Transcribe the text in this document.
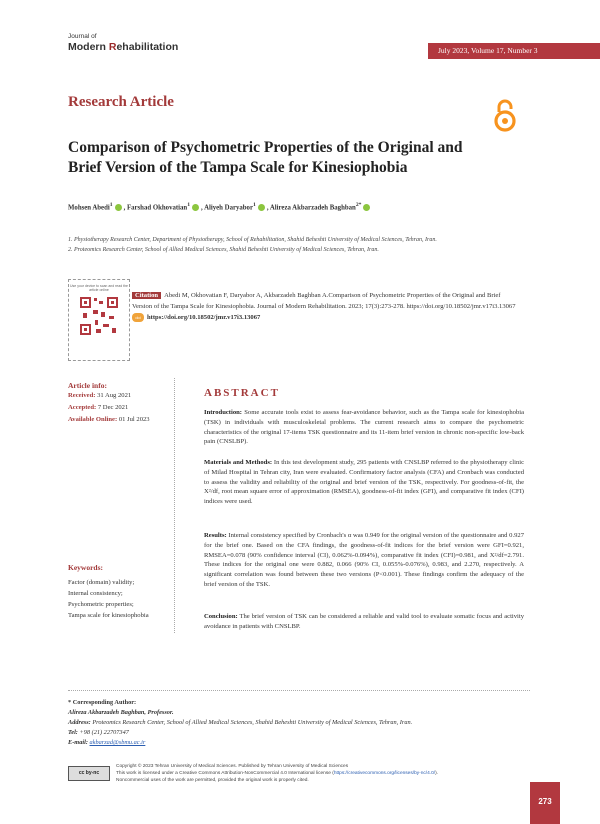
Journal of
Modern Rehabilitation	July 2023, Volume 17, Number 3
Research Article
Comparison of Psychometric Properties of the Original and Brief Version of the Tampa Scale for Kinesiophobia
Mohsen Abedi$^1$ , Farshad Okhovatian$^1$ , Aliyeh Daryabor$^1$ , Alireza Akbarzadeh Baghban$^{2*}$
1. Physiotherapy Research Center, Department of Physiotherapy, School of Rehabilitation, Shahid Beheshti University of Medical Sciences, Tehran, Iran.
2. Proteomics Research Center, School of Allied Medical Sciences, Shahid Beheshti University of Medical Sciences, Tehran, Iran.
Use your device to scan and read the article online
Citation Abedi M, Okhovatian F, Daryabor A, Akbarzadeh Baghban A.Comparison of Psychometric Properties of the Original and Brief Version of the Tampa Scale for Kinesiophobia. Journal of Modern Rehabilitation. 2023; 17(3):273-278. https://doi.org/10.18502/jmr.v17i3.13067
doi https://doi.org/10.18502/jmr.v17i3.13067
Article info:
Received: 31 Aug 2021
Accepted: 7 Dec 2021
Available Online: 01 Jul 2023
ABSTRACT
Introduction: Some accurate tools exist to assess fear-avoidance behavior, such as the Tampa scale for kinesiophobia (TSK) in individuals with musculoskeletal problems. The current research aims to compare the psychometric characteristics of the original 17-items TSK questionnaire and its 11-item brief version in chronic non-specific low-back pain (CNSLBP).
Materials and Methods: In this test development study, 295 patients with CNSLBP referred to the physiotherapy clinic of Milad Hospital in Tehran city, Iran were evaluated. Confirmatory factor analysis (CFA) and Cronbach was conducted to assess the validity and reliability of the original and brief version of the TSK, respectively. For goodness-of-fit, the X²/df, root mean square error of approximation (RMSEA), goodness-of-fit index (GFI), and comparative fit index (CFI) indices were used.
Results: Internal consistency specified by Cronbach's α was 0.949 for the original version of the questionnaire and 0.927 for the brief one. Based on the CFA findings, the goodness-of-fit indices for the brief version were GFI=0.921, RMSEA=0.078 (90% confidence interval (CI), 0.062%-0.094%), comparative fit index (CFI)=0.981, and X²/df=2.791. These indices for the original one were 0.882, 0.066 (90% CI, 0.055%-0.076%), 0.983, and 2.270, respectively. A significant correlation was found between these two versions (P<0.001). These findings confirm the adequacy of the brief version of the TSK.
Conclusion: The brief version of TSK can be considered a reliable and valid tool to evaluate somatic focus and activity avoidance in patients with CNSLBP.
Keywords:
Factor (domain) validity;
Internal consistency;
Psychometric properties;
Tampa scale for kinesiophobia
* Corresponding Author:
Alireza Akbarzadeh Baghban, Professor.
Address: Proteomics Research Center, School of Allied Medical Sciences, Shahid Beheshti University of Medical Sciences, Tehran, Iran.
Tel: +98 (21) 22707347
E-mail: akbarzad@sbmu.ac.ir
cc by-nc
Copyright © 2023 Tehran University of Medical Sciences. Published by Tehran University of Medical Sciences
This work is licensed under a Creative Commons Attribution-NonCommercial 4.0 International license (https://creativecommons.org/licenses/by-nc/4.0/).
Noncommercial uses of the work are permitted, provided the original work is properly cited.
273
